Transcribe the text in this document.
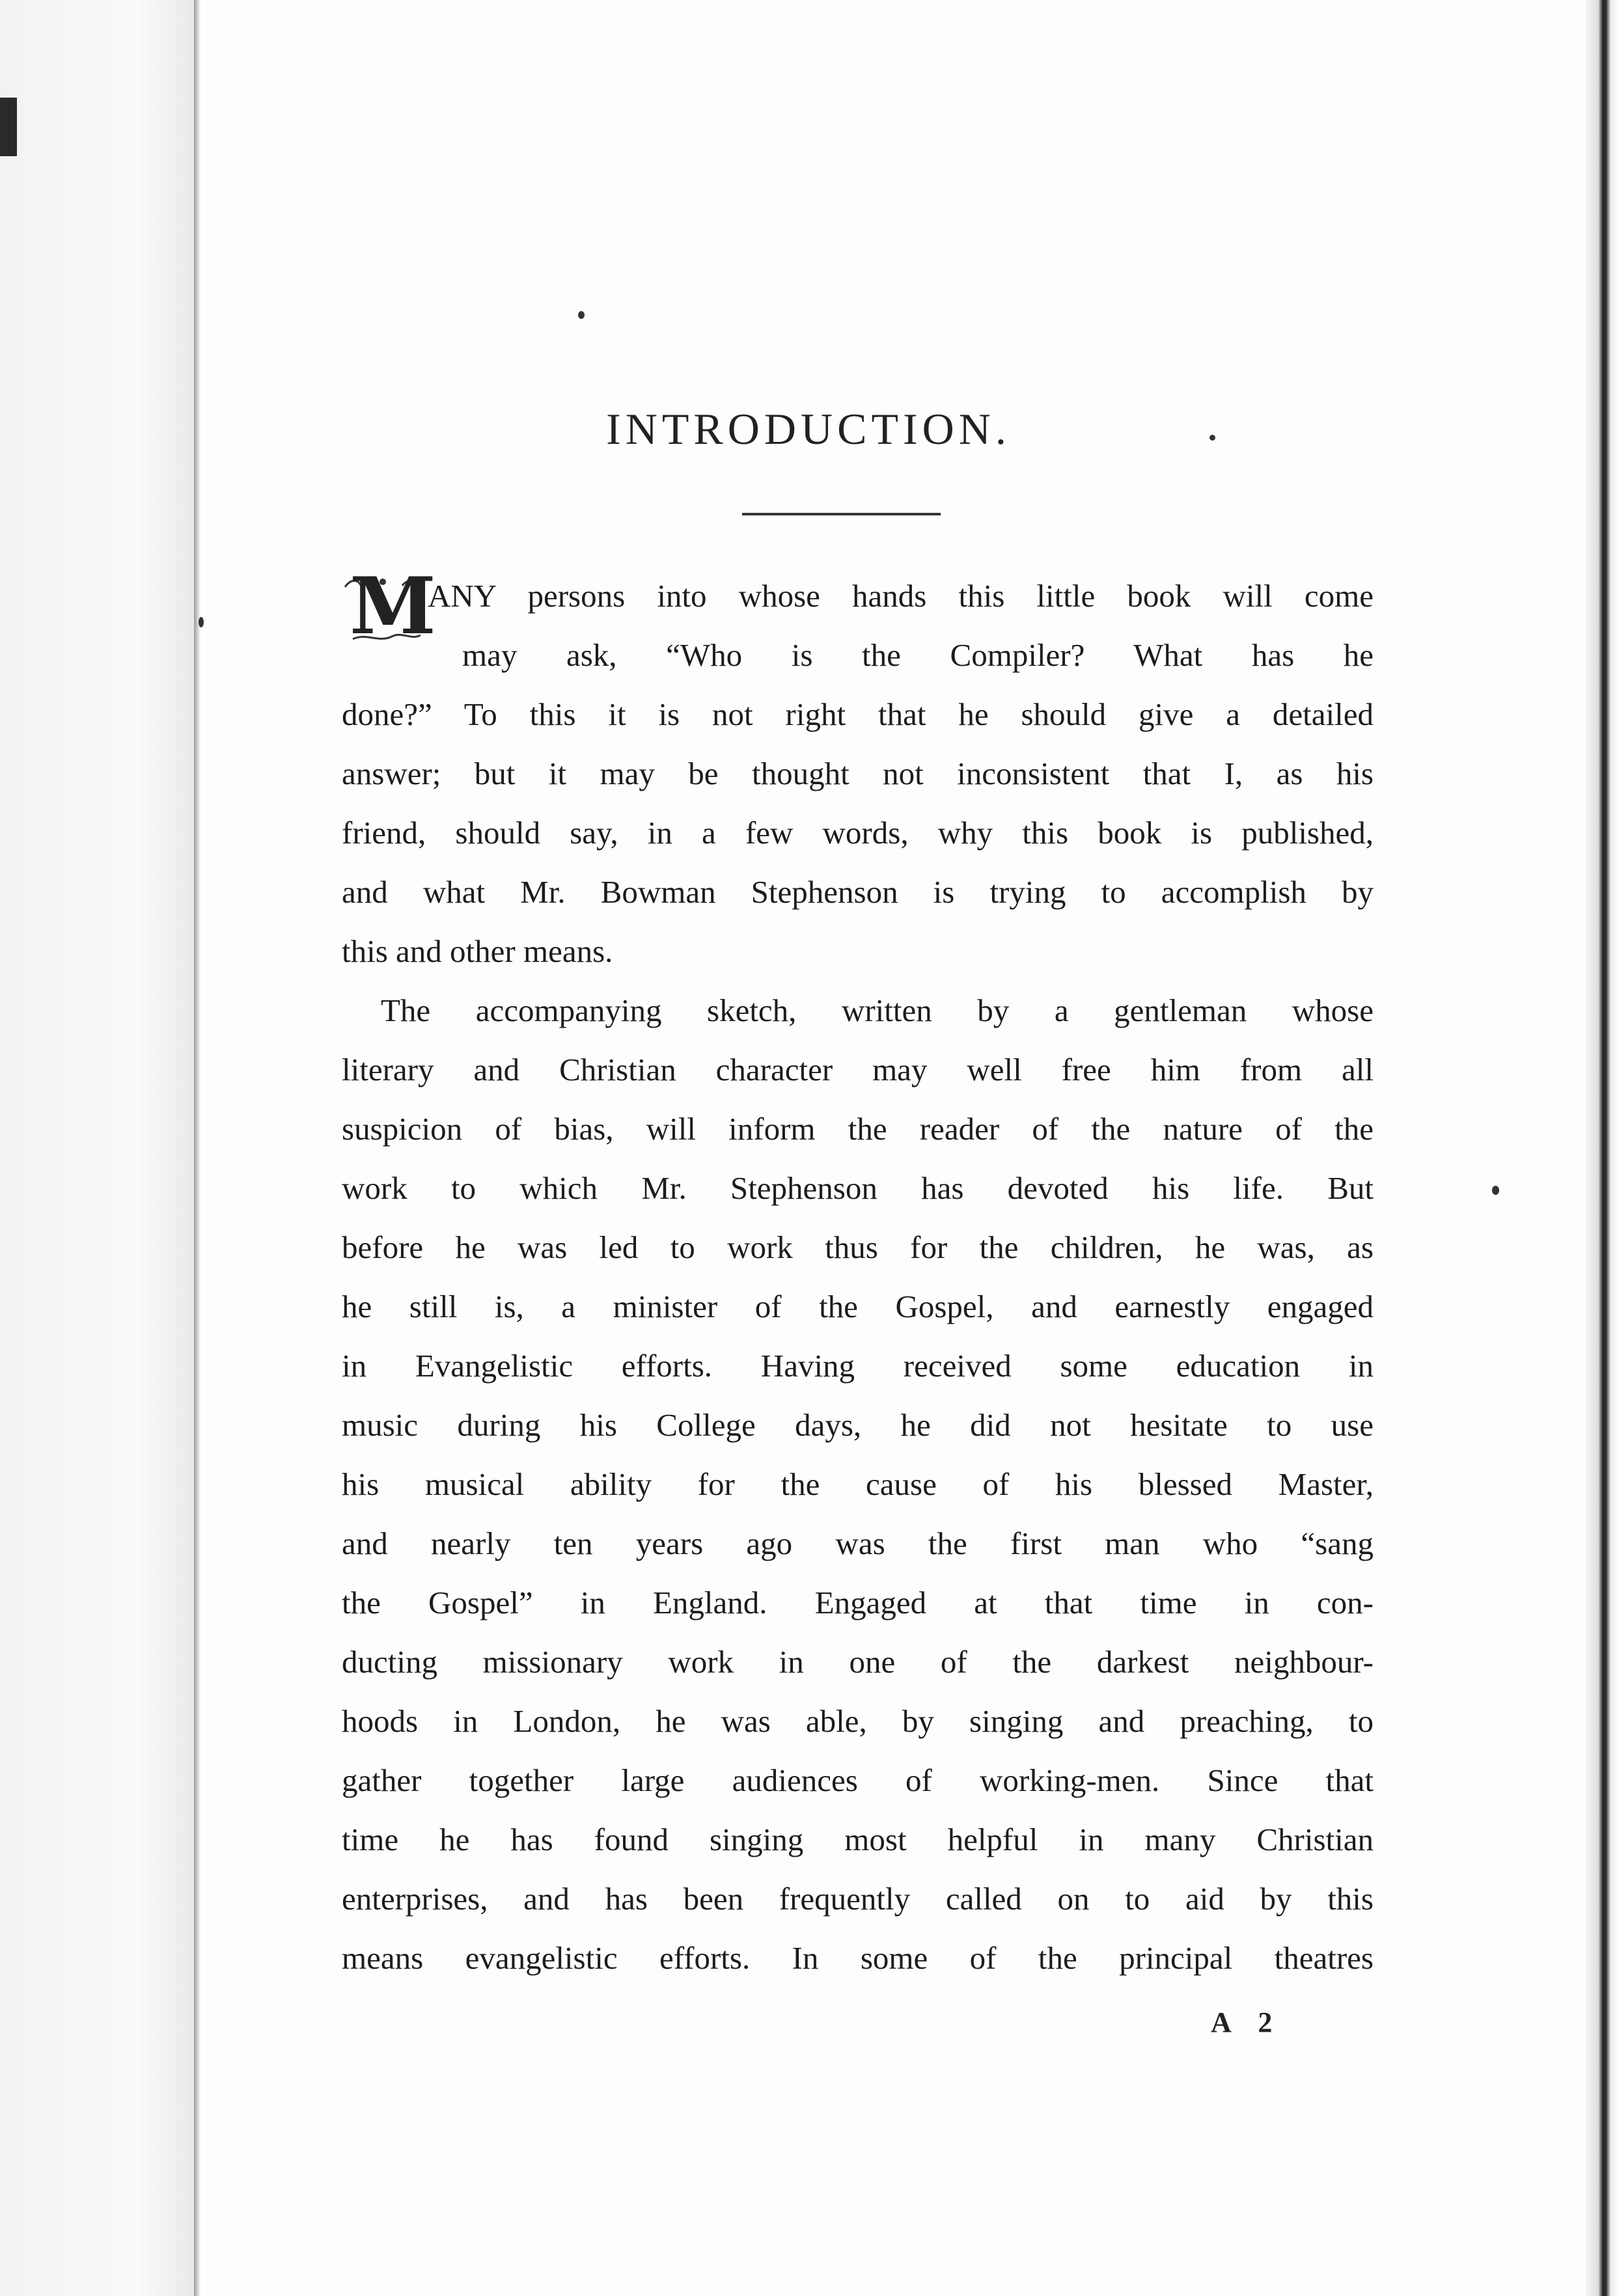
INTRODUCTION.
M
ANY persons into whose hands this little book will come
may ask, “Who is the Compiler? What has he
done?” To this it is not right that he should give a detailed
answer; but it may be thought not inconsistent that I, as his
friend, should say, in a few words, why this book is published,
and what Mr. Bowman Stephenson is trying to accomplish by
this and other means.
The accompanying sketch, written by a gentleman whose
literary and Christian character may well free him from all
suspicion of bias, will inform the reader of the nature of the
work to which Mr. Stephenson has devoted his life. But
before he was led to work thus for the children, he was, as
he still is, a minister of the Gospel, and earnestly engaged
in Evangelistic efforts. Having received some education in
music during his College days, he did not hesitate to use
his musical ability for the cause of his blessed Master,
and nearly ten years ago was the first man who “sang
the Gospel” in England. Engaged at that time in con-
ducting missionary work in one of the darkest neighbour-
hoods in London, he was able, by singing and preaching, to
gather together large audiences of working-men. Since that
time he has found singing most helpful in many Christian
enterprises, and has been frequently called on to aid by this
means evangelistic efforts. In some of the principal theatres
A 2
